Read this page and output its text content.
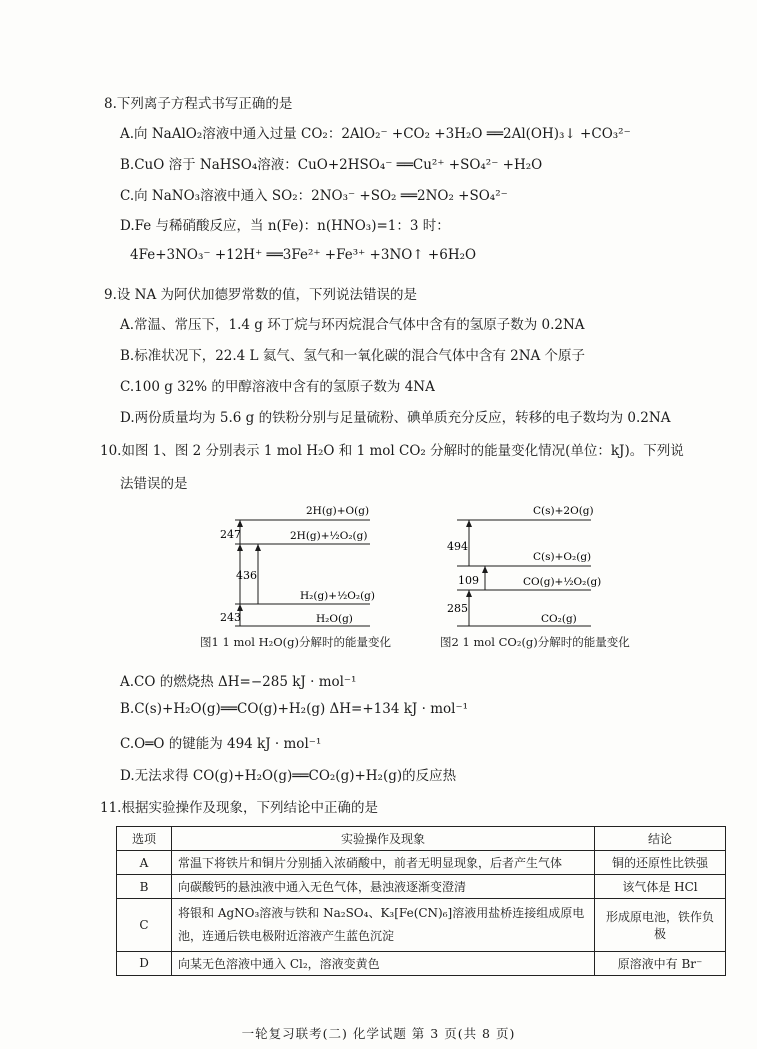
8.下列离子方程式书写正确的是
A.向 NaAlO₂溶液中通入过量 CO₂：2AlO₂⁻ +CO₂ +3H₂O ══2Al(OH)₃↓ +CO₃²⁻
B.CuO 溶于 NaHSO₄溶液：CuO+2HSO₄⁻ ══Cu²⁺ +SO₄²⁻ +H₂O
C.向 NaNO₃溶液中通入 SO₂：2NO₃⁻ +SO₂ ══2NO₂ +SO₄²⁻
D.Fe 与稀硝酸反应，当 n(Fe)：n(HNO₃)=1：3 时：
4Fe+3NO₃⁻ +12H⁺ ══3Fe²⁺ +Fe³⁺ +3NO↑ +6H₂O
9.设 NA 为阿伏加德罗常数的值，下列说法错误的是
A.常温、常压下，1.4 g 环丁烷与环丙烷混合气体中含有的氢原子数为 0.2NA
B.标准状况下，22.4 L 氦气、氢气和一氧化碳的混合气体中含有 2NA 个原子
C.100 g 32% 的甲醇溶液中含有的氢原子数为 4NA
D.两份质量均为 5.6 g 的铁粉分别与足量硫粉、碘单质充分反应，转移的电子数均为 0.2NA
10.如图 1、图 2 分别表示 1 mol H₂O 和 1 mol CO₂ 分解时的能量变化情况(单位：kJ)。下列说
法错误的是
2H(g)+O(g)
2H(g)+½O₂(g)
H₂(g)+½O₂(g)
H₂O(g)
247
436
243
图1 1 mol H₂O(g)分解时的能量变化
C(s)+2O(g)
C(s)+O₂(g)
CO(g)+½O₂(g)
CO₂(g)
494
109
285
图2 1 mol CO₂(g)分解时的能量变化
A.CO 的燃烧热 ΔH=−285 kJ · mol⁻¹
B.C(s)+H₂O(g)══CO(g)+H₂(g) ΔH=+134 kJ · mol⁻¹
C.O═O 的键能为 494 kJ · mol⁻¹
D.无法求得 CO(g)+H₂O(g)══CO₂(g)+H₂(g)的反应热
11.根据实验操作及现象，下列结论中正确的是
选项	实验操作及现象	结论
A	常温下将铁片和铜片分别插入浓硝酸中，前者无明显现象，后者产生气体	铜的还原性比铁强
B	向碳酸钙的悬浊液中通入无色气体，悬浊液逐渐变澄清	该气体是 HCl
C	将银和 AgNO₃溶液与铁和 Na₂SO₄、K₃[Fe(CN)₆]溶液用盐桥连接组成原电池，连通后铁电极附近溶液产生蓝色沉淀	形成原电池，铁作负极
D	向某无色溶液中通入 Cl₂，溶液变黄色	原溶液中有 Br⁻
一轮复习联考(二) 化学试题 第 3 页(共 8 页)
